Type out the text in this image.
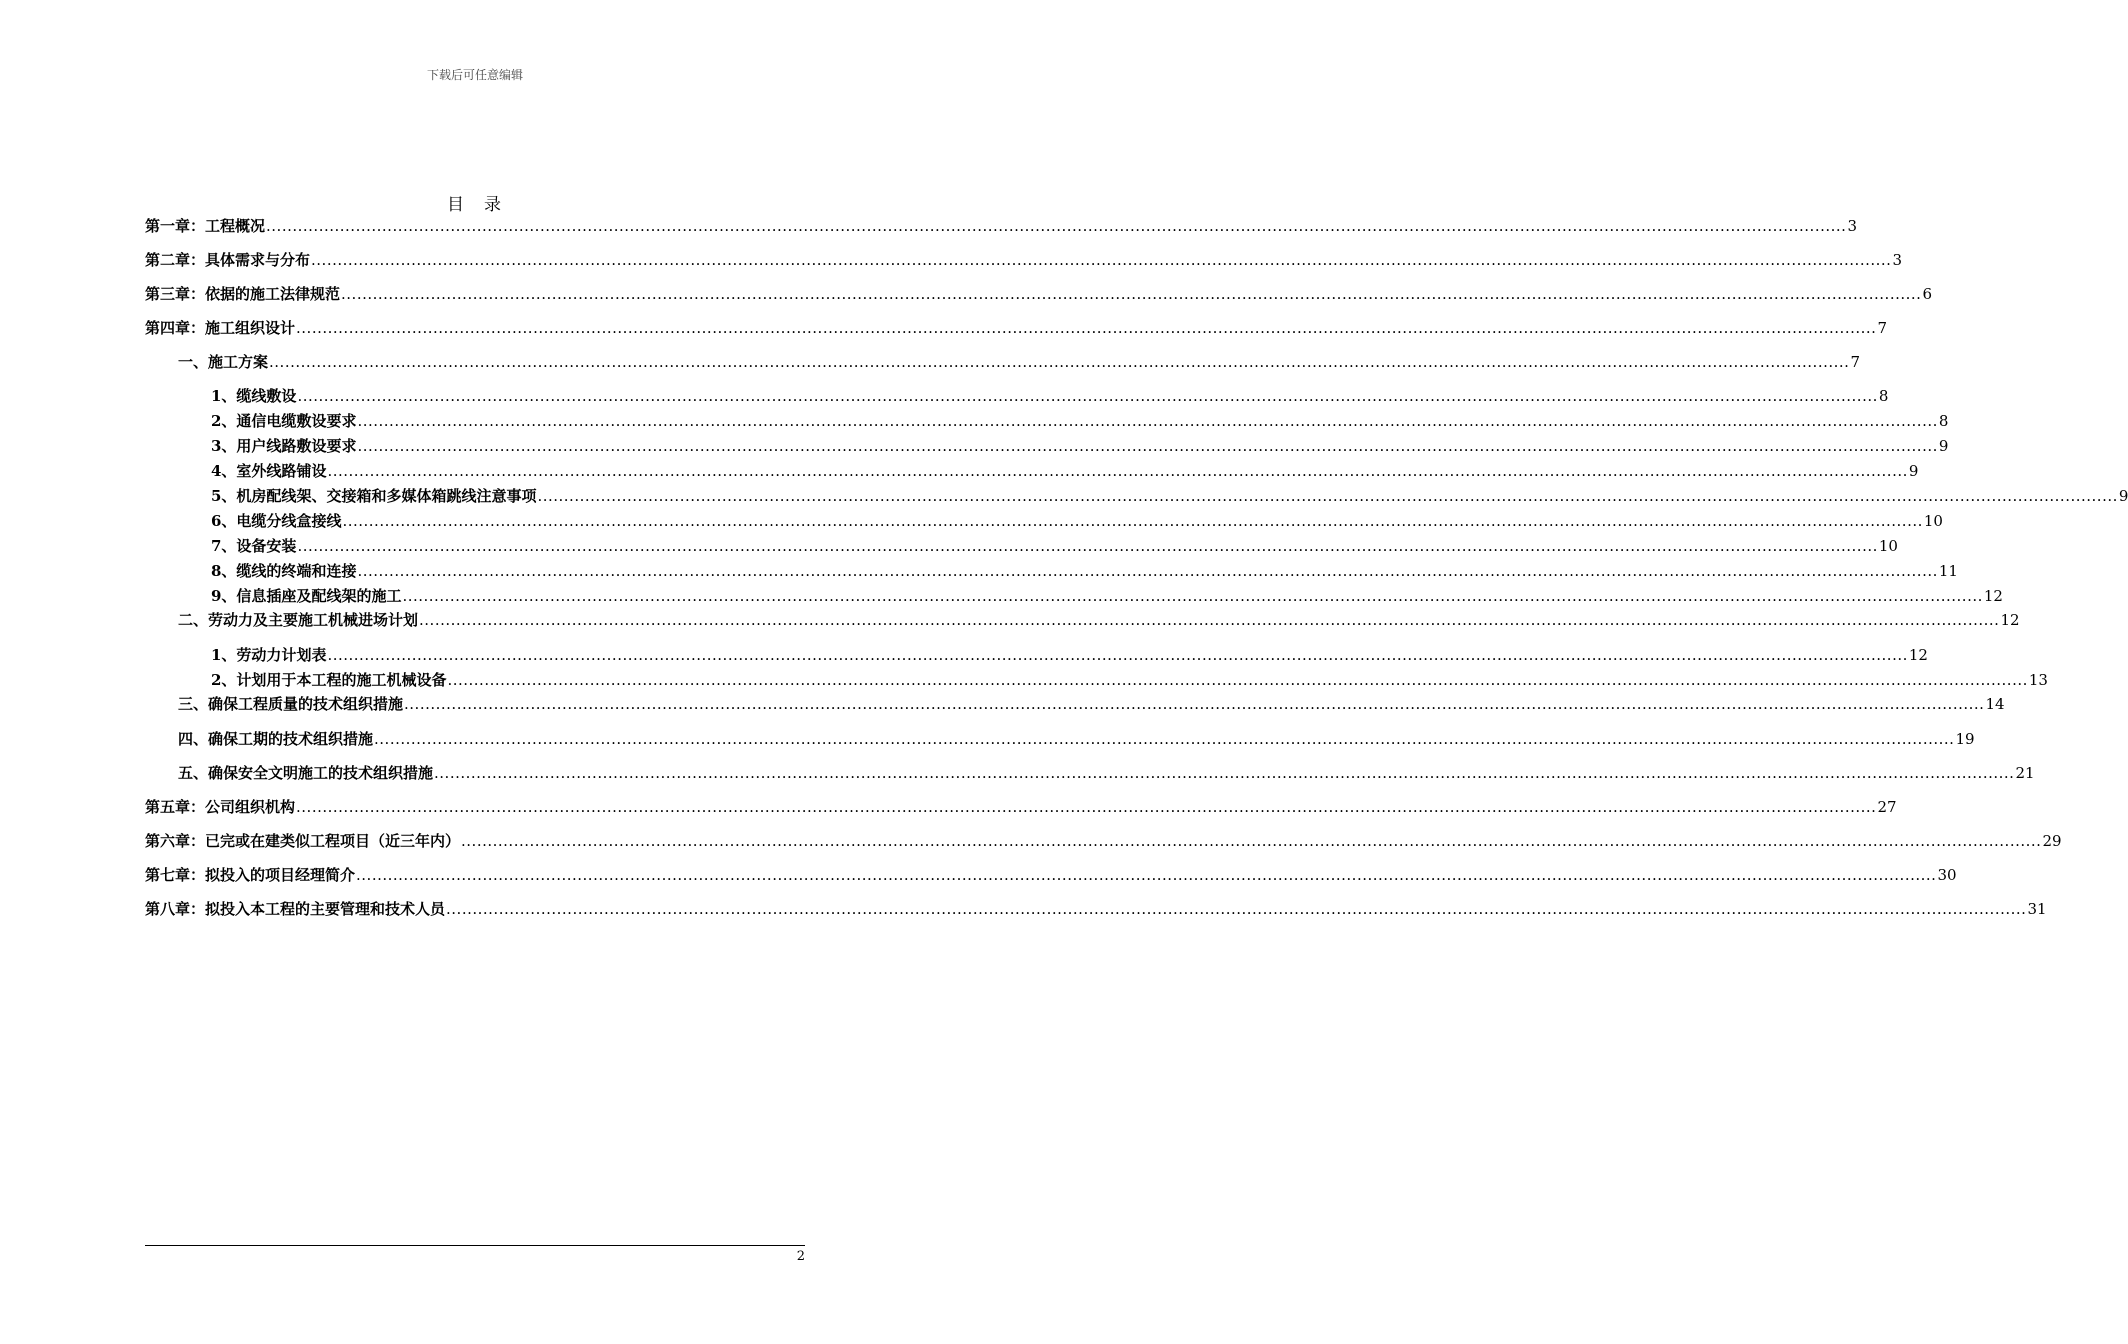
下载后可任意编辑
目 录
第一章：工程概况 ............................................................................................................................................................................................................................................................................................................ 3
第二章：具体需求与分布 ............................................................................................................................................................................................................................................................................................................ 3
第三章：依据的施工法律规范 ............................................................................................................................................................................................................................................................................................................ 6
第四章：施工组织设计 ............................................................................................................................................................................................................................................................................................................ 7
一、施工方案 ............................................................................................................................................................................................................................................................................................................ 7
1、缆线敷设 ............................................................................................................................................................................................................................................................................................................ 8
2、通信电缆敷设要求 ............................................................................................................................................................................................................................................................................................................ 8
3、用户线路敷设要求 ............................................................................................................................................................................................................................................................................................................ 9
4、室外线路铺设 ............................................................................................................................................................................................................................................................................................................ 9
5、机房配线架、交接箱和多媒体箱跳线注意事项 ............................................................................................................................................................................................................................................................................................................ 9
6、电缆分线盒接线 ............................................................................................................................................................................................................................................................................................................ 10
7、设备安装 ............................................................................................................................................................................................................................................................................................................ 10
8、缆线的终端和连接 ............................................................................................................................................................................................................................................................................................................ 11
9、信息插座及配线架的施工 ............................................................................................................................................................................................................................................................................................................ 12
二、劳动力及主要施工机械进场计划 ............................................................................................................................................................................................................................................................................................................ 12
1、劳动力计划表 ............................................................................................................................................................................................................................................................................................................ 12
2、计划用于本工程的施工机械设备 ............................................................................................................................................................................................................................................................................................................ 13
三、确保工程质量的技术组织措施 ............................................................................................................................................................................................................................................................................................................ 14
四、确保工期的技术组织措施 ............................................................................................................................................................................................................................................................................................................ 19
五、确保安全文明施工的技术组织措施 ............................................................................................................................................................................................................................................................................................................ 21
第五章：公司组织机构 ............................................................................................................................................................................................................................................................................................................ 27
第六章：已完或在建类似工程项目（近三年内） ............................................................................................................................................................................................................................................................................................................ 29
第七章：拟投入的项目经理简介 ............................................................................................................................................................................................................................................................................................................ 30
第八章：拟投入本工程的主要管理和技术人员 ............................................................................................................................................................................................................................................................................................................ 31
2
